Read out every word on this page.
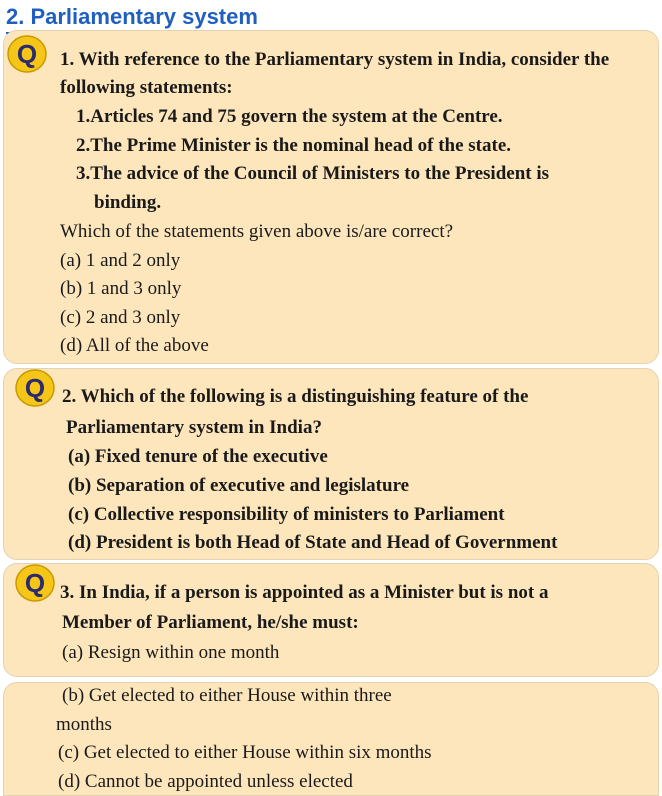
2. Parliamentary system
Q 1. With reference to the Parliamentary system in India, consider the
following statements:
1.Articles 74 and 75 govern the system at the Centre.
2.The Prime Minister is the nominal head of the state.
3.The advice of the Council of Ministers to the President is
binding.
Which of the statements given above is/are correct?
(a) 1 and 2 only
(b) 1 and 3 only
(c) 2 and 3 only
(d) All of the above
Q 2. Which of the following is a distinguishing feature of the
Parliamentary system in India?
(a) Fixed tenure of the executive
(b) Separation of executive and legislature
(c) Collective responsibility of ministers to Parliament
(d) President is both Head of State and Head of Government
Q 3. In India, if a person is appointed as a Minister but is not a
Member of Parliament, he/she must:
(a) Resign within one month
(b) Get elected to either House within three
months
(c) Get elected to either House within six months
(d) Cannot be appointed unless elected
